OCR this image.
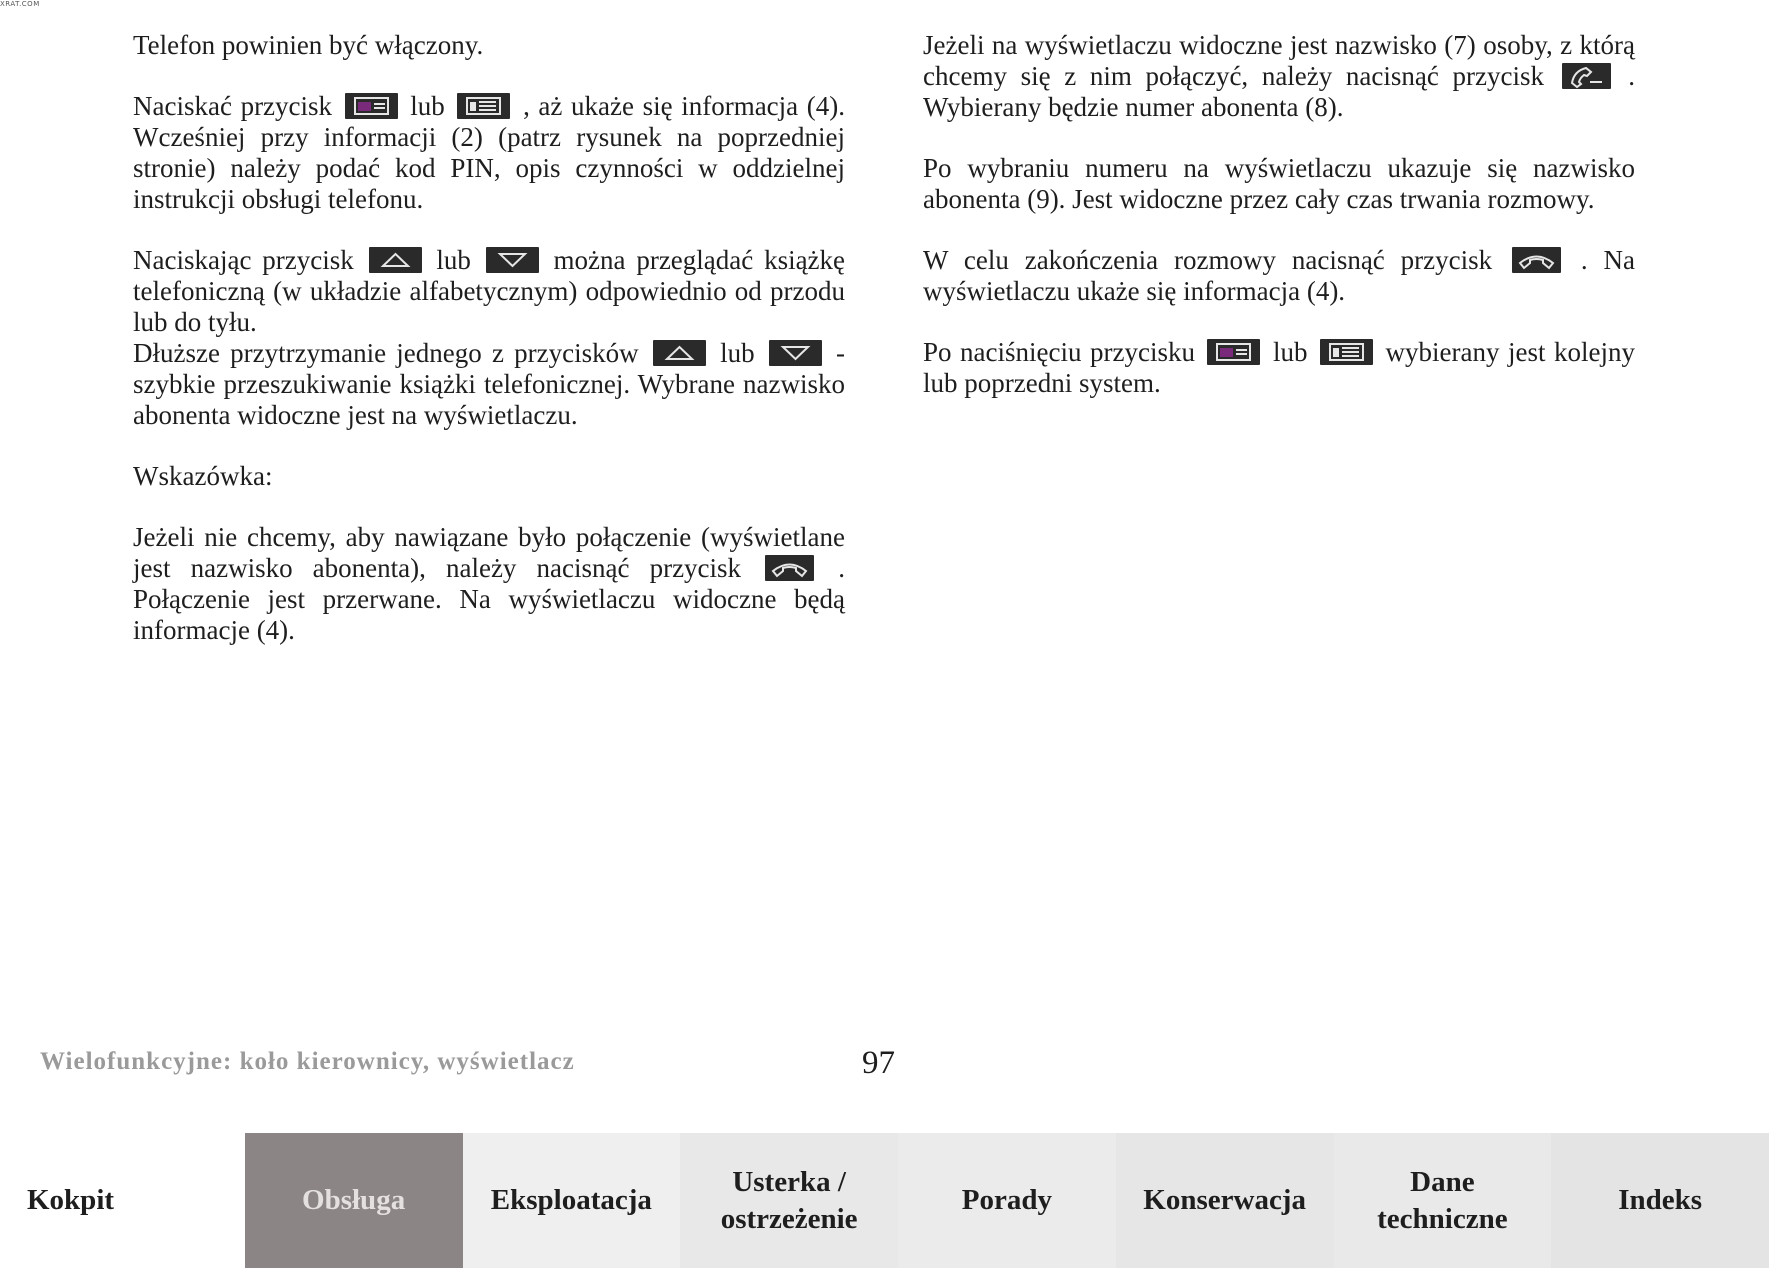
XRAT.COM

Telefon powinien być włączony.

Naciskać przycisk	lub	, aż ukaże się informacja (4). Wcześniej przy informacji (2) (patrz rysunek na poprzedniej stronie) należy podać kod PIN, opis czynności w oddzielnej instrukcji obsługi telefonu.

Naciskając przycisk	lub	można przeglądać książkę telefoniczną (w układzie alfabetycznym) odpowiednio od przodu lub do tyłu.

Dłuższe przytrzymanie jednego z przycisków	lub	- szybkie przeszukiwanie książki telefonicznej. Wybrane nazwisko abonenta widoczne jest na wyświetlaczu.

Wskazówka:

Jeżeli nie chcemy, aby nawiązane było połączenie (wyświetlane jest nazwisko abonenta), należy nacisnąć przycisk	. Połączenie jest przerwane. Na wyświetlaczu widoczne będą informacje (4).

Jeżeli na wyświetlaczu widoczne jest nazwisko (7) osoby, z którą chcemy się z nim połączyć, należy nacisnąć przycisk	. Wybierany będzie numer abonenta (8).

Po wybraniu numeru na wyświetlaczu ukazuje się nazwisko abonenta (9). Jest widoczne przez cały czas trwania rozmowy.

W celu zakończenia rozmowy nacisnąć przycisk	. Na wyświetlaczu ukaże się informacja (4).

Po naciśnięciu przycisku	lub	wybierany jest kolejny lub poprzedni system.

Wielofunkcyjne: koło kierownicy, wyświetlacz	97
Kokpit	Obsługa	Eksploatacja
Usterka /
ostrzeżenie
Porady	Konserwacja
Dane
techniczne
Indeks
